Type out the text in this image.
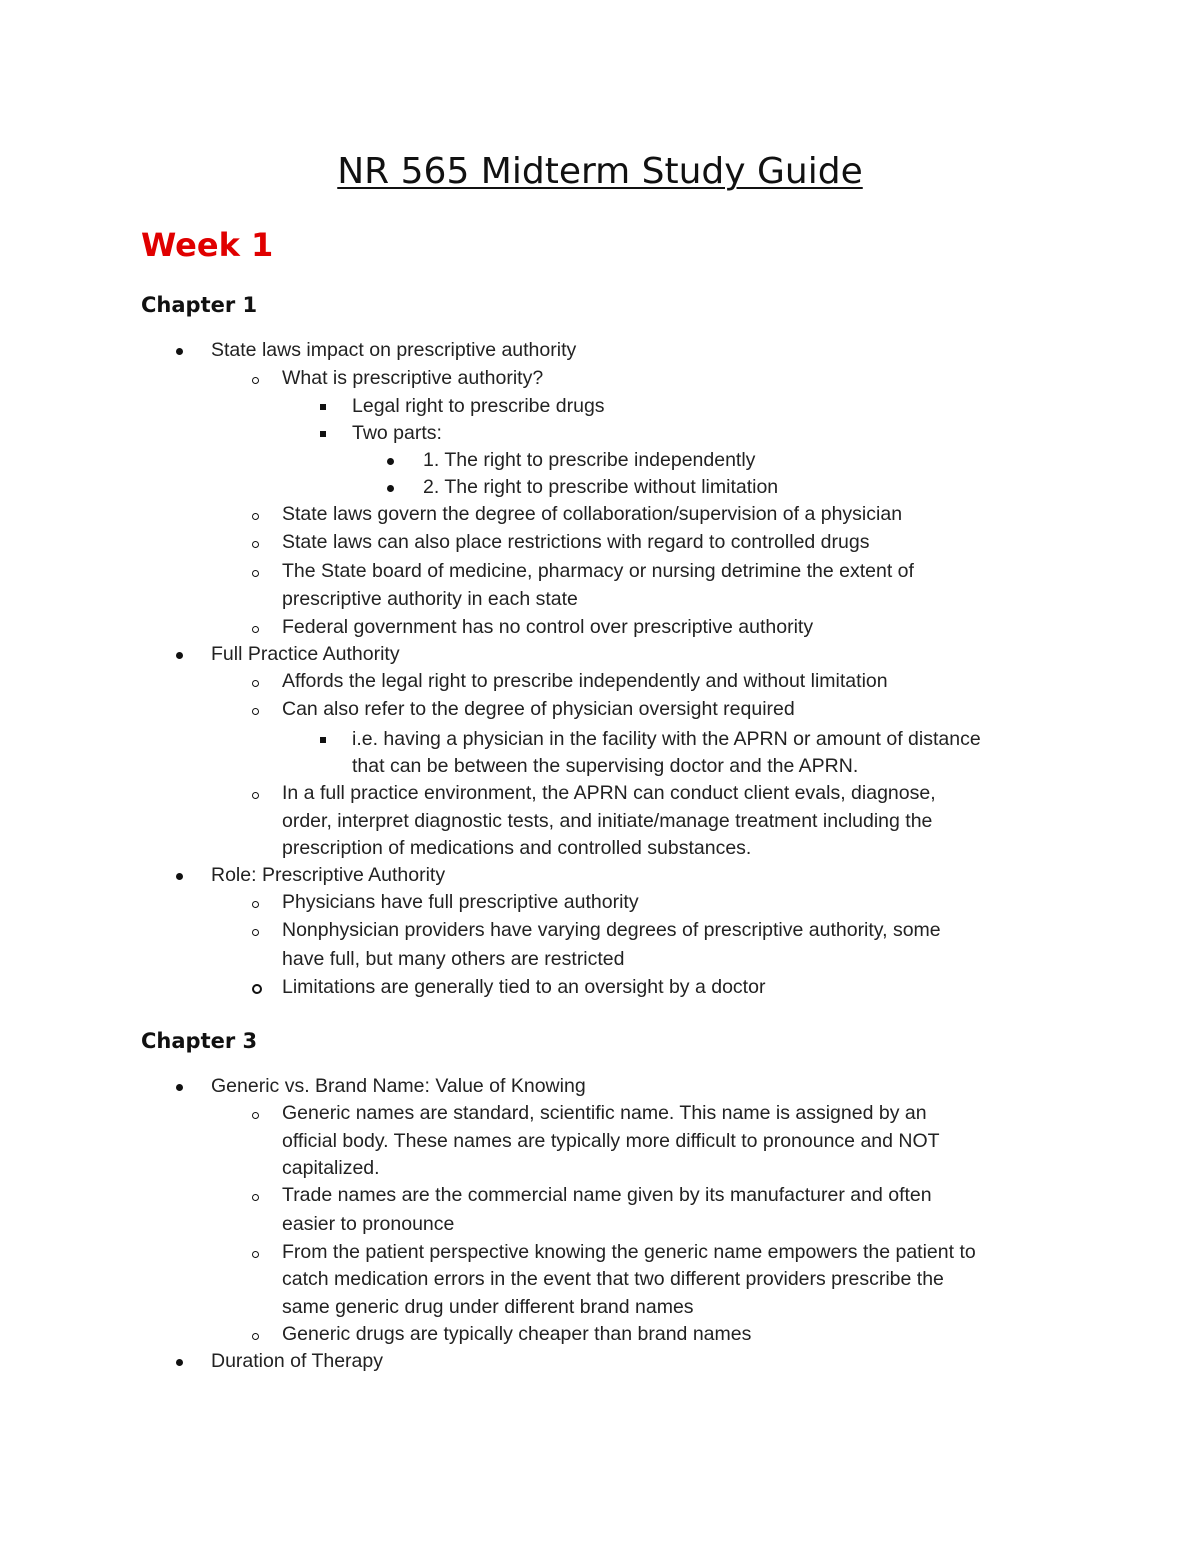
NR 565 Midterm Study Guide
Week 1
Chapter 1
State laws impact on prescriptive authority
What is prescriptive authority?
Legal right to prescribe drugs
Two parts:
1. The right to prescribe independently
2. The right to prescribe without limitation
State laws govern the degree of collaboration/supervision of a physician
State laws can also place restrictions with regard to controlled drugs
The State board of medicine, pharmacy or nursing detrimine the extent of
prescriptive authority in each state
Federal government has no control over prescriptive authority
Full Practice Authority
Affords the legal right to prescribe independently and without limitation
Can also refer to the degree of physician oversight required
i.e. having a physician in the facility with the APRN or amount of distance
that can be between the supervising doctor and the APRN.
In a full practice environment, the APRN can conduct client evals, diagnose,
order, interpret diagnostic tests, and initiate/manage treatment including the
prescription of medications and controlled substances.
Role: Prescriptive Authority
Physicians have full prescriptive authority
Nonphysician providers have varying degrees of prescriptive authority, some
have full, but many others are restricted
Limitations are generally tied to an oversight by a doctor
Chapter 3
Generic vs. Brand Name: Value of Knowing
Generic names are standard, scientific name. This name is assigned by an
official body. These names are typically more difficult to pronounce and NOT
capitalized.
Trade names are the commercial name given by its manufacturer and often
easier to pronounce
From the patient perspective knowing the generic name empowers the patient to
catch medication errors in the event that two different providers prescribe the
same generic drug under different brand names
Generic drugs are typically cheaper than brand names
Duration of Therapy
